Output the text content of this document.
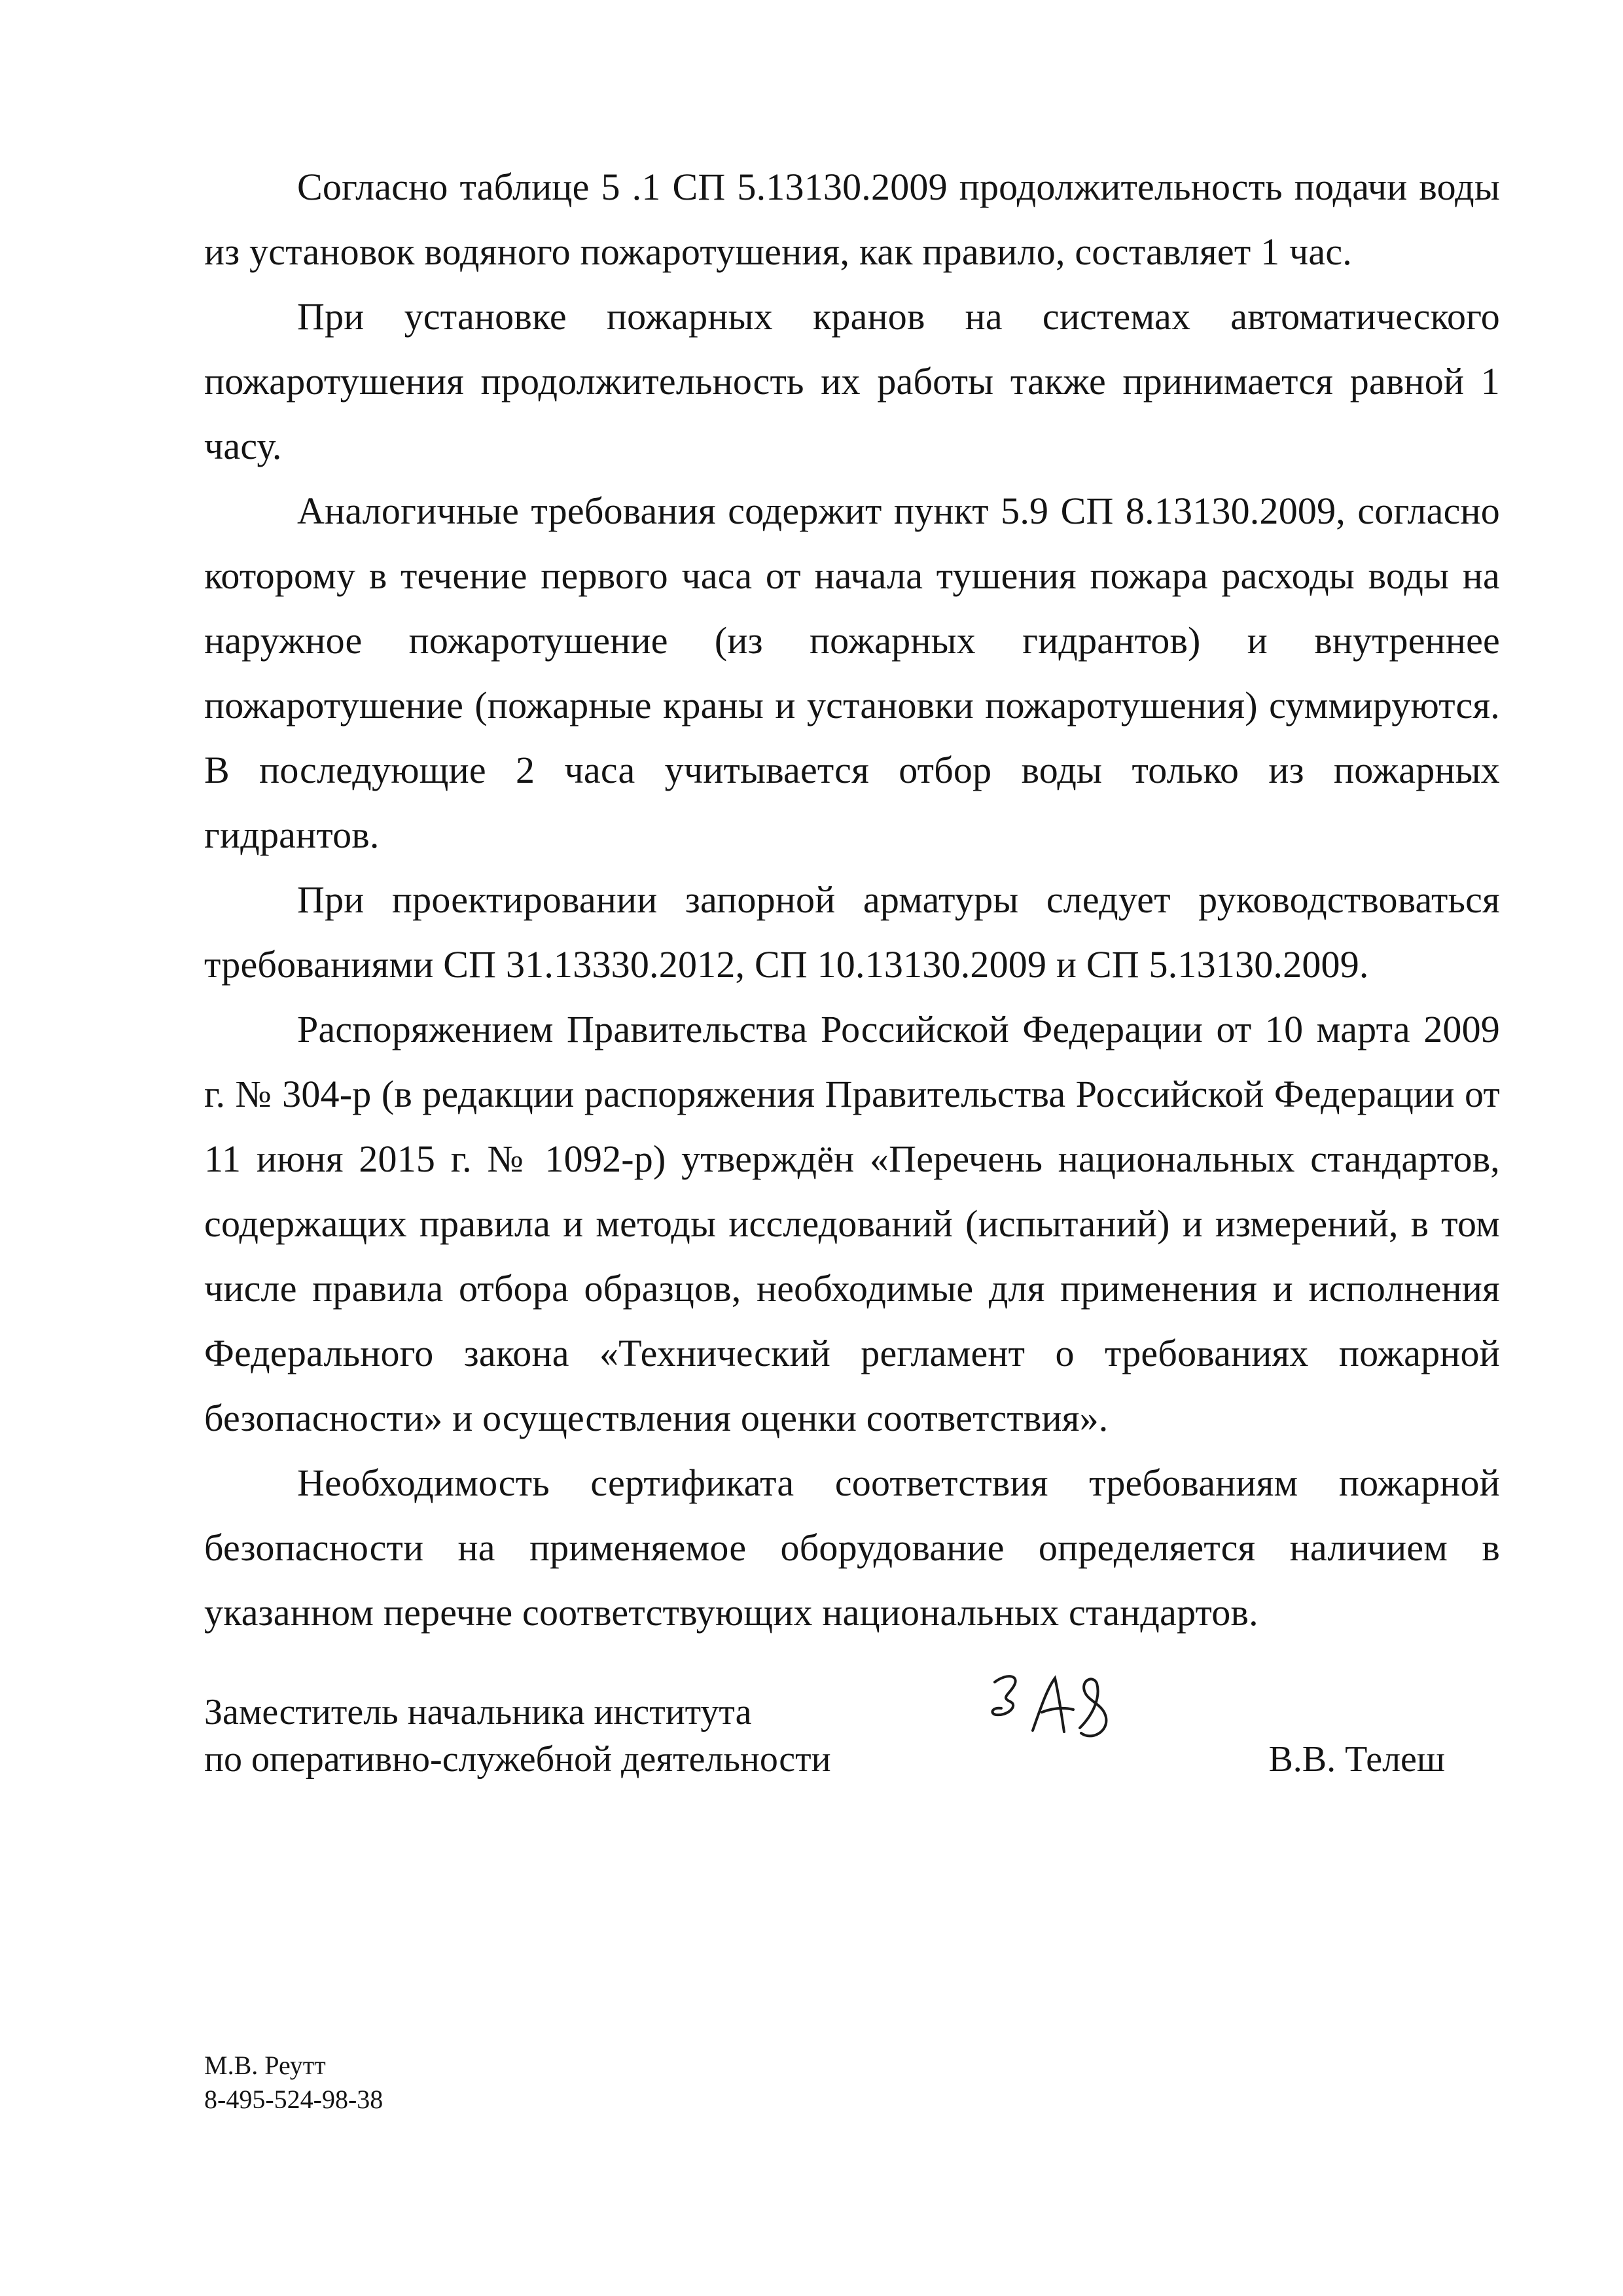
Согласно таблице 5 .1 СП 5.13130.2009 продолжительность подачи воды из установок водяного пожаротушения, как правило, составляет 1 час.

При установке пожарных кранов на системах автоматического пожаротушения продолжительность их работы также принимается равной 1 часу.

Аналогичные требования содержит пункт 5.9 СП 8.13130.2009, согласно которому в течение первого часа от начала тушения пожара расходы воды на наружное пожаротушение (из пожарных гидрантов) и внутреннее пожаротушение (пожарные краны и установки пожаротушения) суммируются. В последующие 2 часа учитывается отбор воды только из пожарных гидрантов.

При проектировании запорной арматуры следует руководствоваться требованиями СП 31.13330.2012, СП 10.13130.2009 и СП 5.13130.2009.

Распоряжением Правительства Российской Федерации от 10 марта 2009 г. № 304-р (в редакции распоряжения Правительства Российской Федерации от 11 июня 2015 г. № 1092-р) утверждён «Перечень национальных стандартов, содержащих правила и методы исследований (испытаний) и измерений, в том числе правила отбора образцов, необходимые для применения и исполнения Федерального закона «Технический регламент о требованиях пожарной безопасности» и осуществления оценки соответствия».

Необходимость сертификата соответствия требованиям пожарной безопасности на применяемое оборудование определяется наличием в указанном перечне соответствующих национальных стандартов.

Заместитель начальника института
по оперативно-служебной деятельности	В.В. Телеш
М.В. Реутт
8-495-524-98-38
